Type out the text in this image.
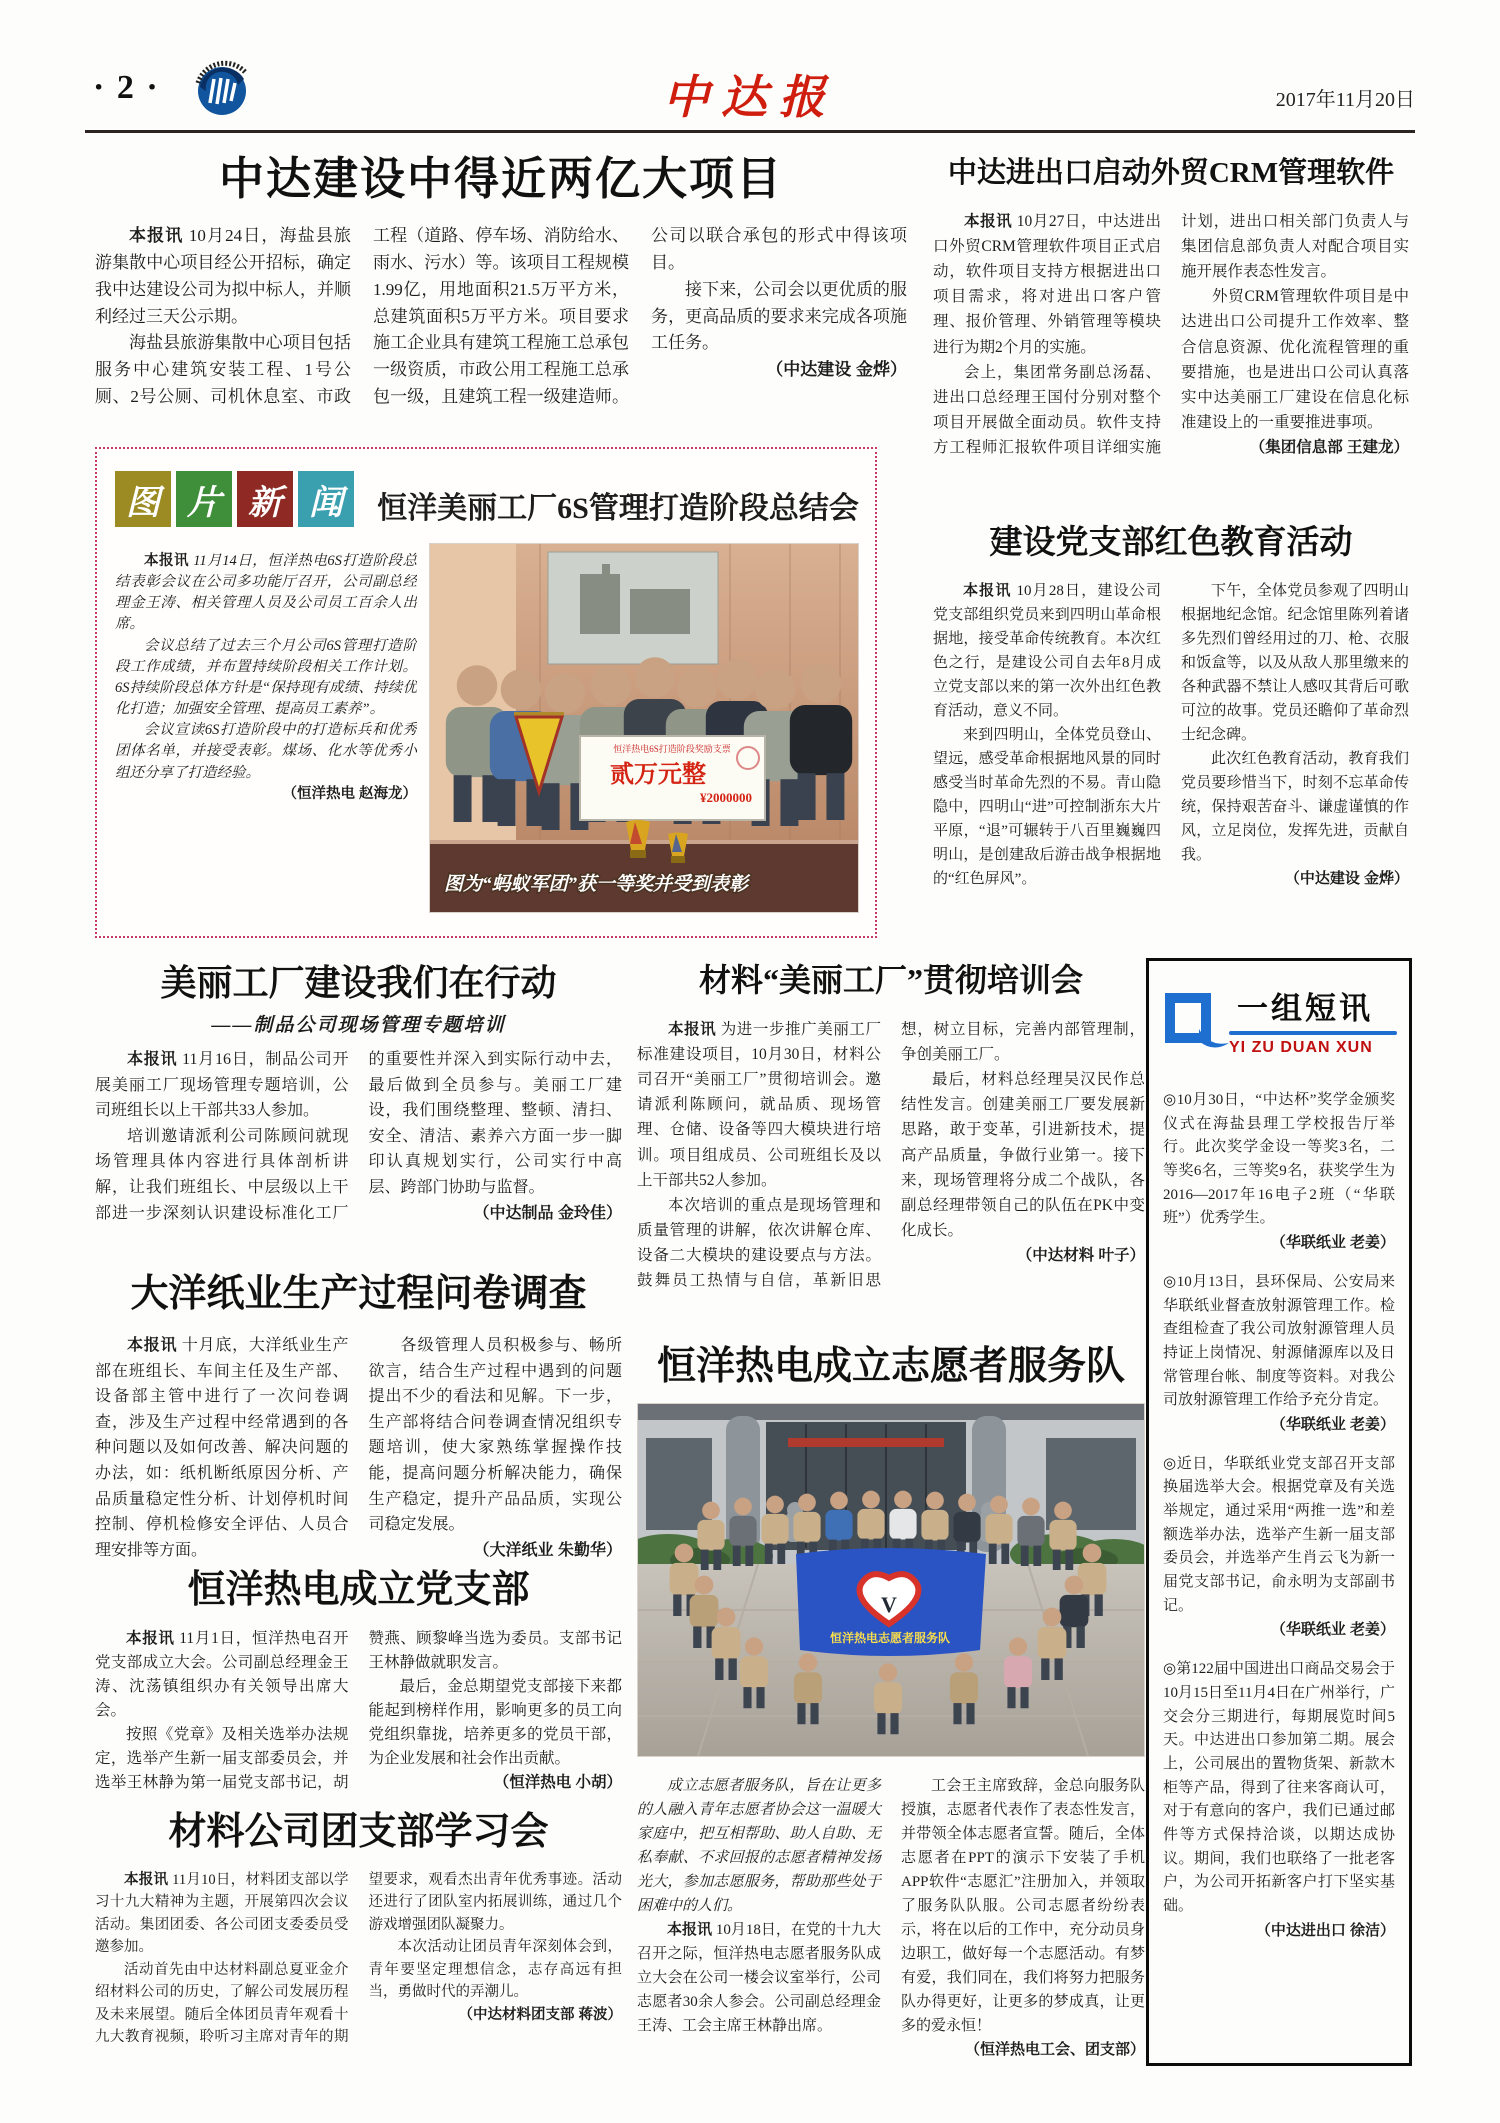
· 2 ·	中达报	2017年11月20日
中达建设中得近两亿大项目

本报讯 10月24日，海盐县旅游集散中心项目经公开招标，确定我中达建设公司为拟中标人，并顺利经过三天公示期。

海盐县旅游集散中心项目包括服务中心建筑安装工程、1号公厕、2号公厕、司机休息室、市政工程（道路、停车场、消防给水、雨水、污水）等。该项目工程规模1.99亿，用地面积21.5万平方米，总建筑面积5万平方米。项目要求施工企业具有建筑工程施工总承包一级资质，市政公用工程施工总承包一级，且建筑工程一级建造师。公司以联合承包的形式中得该项目。

接下来，公司会以更优质的服务，更高品质的要求来完成各项施工任务。

（中达建设 金烨）

中达进出口启动外贸CRM管理软件

本报讯 10月27日，中达进出口外贸CRM管理软件项目正式启动，软件项目支持方根据进出口项目需求，将对进出口客户管理、报价管理、外销管理等模块进行为期2个月的实施。

会上，集团常务副总汤磊、进出口总经理王国付分别对整个项目开展做全面动员。软件支持方工程师汇报软件项目详细实施计划，进出口相关部门负责人与集团信息部负责人对配合项目实施开展作表态性发言。

外贸CRM管理软件项目是中达进出口公司提升工作效率、整合信息资源、优化流程管理的重要措施，也是进出口公司认真落实中达美丽工厂建设在信息化标准建设上的一重要推进事项。

（集团信息部 王建龙）

图 片 新 闻	恒洋美丽工厂6S管理打造阶段总结会

本报讯 11月14日，恒洋热电6S打造阶段总结表彰会议在公司多功能厅召开，公司副总经理金王涛、相关管理人员及公司员工百余人出席。

会议总结了过去三个月公司6S管理打造阶段工作成绩，并布置持续阶段相关工作计划。6S持续阶段总体方针是“保持现有成绩、持续优化打造；加强安全管理、提高员工素养”。

会议宣读6S打造阶段中的打造标兵和优秀团体名单，并接受表彰。煤场、化水等优秀小组还分享了打造经验。

（恒洋热电 赵海龙）

恒洋热电6S打造阶段奖励支票
贰万元整
¥2000000
图为“蚂蚁军团”获一等奖并受到表彰
建设党支部红色教育活动

本报讯 10月28日，建设公司党支部组织党员来到四明山革命根据地，接受革命传统教育。本次红色之行，是建设公司自去年8月成立党支部以来的第一次外出红色教育活动，意义不同。

来到四明山，全体党员登山、望远，感受革命根据地风景的同时感受当时革命先烈的不易。青山隐隐中，四明山“进”可控制浙东大片平原，“退”可辗转于八百里巍巍四明山，是创建敌后游击战争根据地的“红色屏风”。

下午，全体党员参观了四明山根据地纪念馆。纪念馆里陈列着诸多先烈们曾经用过的刀、枪、衣服和饭盒等，以及从敌人那里缴来的各种武器不禁让人感叹其背后可歌可泣的故事。党员还瞻仰了革命烈士纪念碑。

此次红色教育活动，教育我们党员要珍惜当下，时刻不忘革命传统，保持艰苦奋斗、谦虚谨慎的作风，立足岗位，发挥先进，贡献自我。

（中达建设 金烨）

美丽工厂建设我们在行动
——制品公司现场管理专题培训

本报讯 11月16日，制品公司开展美丽工厂现场管理专题培训，公司班组长以上干部共33人参加。

培训邀请派利公司陈顾问就现场管理具体内容进行具体剖析讲解，让我们班组长、中层级以上干部进一步深刻认识建设标准化工厂的重要性并深入到实际行动中去，最后做到全员参与。美丽工厂建设，我们围绕整理、整顿、清扫、安全、清洁、素养六方面一步一脚印认真规划实行，公司实行中高层、跨部门协助与监督。

（中达制品 金玲佳）

大洋纸业生产过程问卷调查

本报讯 十月底，大洋纸业生产部在班组长、车间主任及生产部、设备部主管中进行了一次问卷调查，涉及生产过程中经常遇到的各种问题以及如何改善、解决问题的办法，如：纸机断纸原因分析、产品质量稳定性分析、计划停机时间控制、停机检修安全评估、人员合理安排等方面。

各级管理人员积极参与、畅所欲言，结合生产过程中遇到的问题提出不少的看法和见解。下一步，生产部将结合问卷调查情况组织专题培训，使大家熟练掌握操作技能，提高问题分析解决能力，确保生产稳定，提升产品品质，实现公司稳定发展。

（大洋纸业 朱勤华）

恒洋热电成立党支部

本报讯 11月1日，恒洋热电召开党支部成立大会。公司副总经理金王涛、沈荡镇组织办有关领导出席大会。

按照《党章》及相关选举办法规定，选举产生新一届支部委员会，并选举王林静为第一届党支部书记，胡赞燕、顾黎峰当选为委员。支部书记王林静做就职发言。

最后，金总期望党支部接下来都能起到榜样作用，影响更多的员工向党组织靠拢，培养更多的党员干部，为企业发展和社会作出贡献。

（恒洋热电 小胡）

材料公司团支部学习会

本报讯 11月10日，材料团支部以学习十九大精神为主题，开展第四次会议活动。集团团委、各公司团支委委员受邀参加。

活动首先由中达材料副总夏亚金介绍材料公司的历史，了解公司发展历程及未来展望。随后全体团员青年观看十九大教育视频，聆听习主席对青年的期望要求，观看杰出青年优秀事迹。活动还进行了团队室内拓展训练，通过几个游戏增强团队凝聚力。

本次活动让团员青年深刻体会到，青年要坚定理想信念，志存高远有担当，勇做时代的弄潮儿。

（中达材料团支部 蒋波）

材料“美丽工厂”贯彻培训会

本报讯 为进一步推广美丽工厂标准建设项目，10月30日，材料公司召开“美丽工厂”贯彻培训会。邀请派利陈顾问，就品质、现场管理、仓储、设备等四大模块进行培训。项目组成员、公司班组长及以上干部共52人参加。

本次培训的重点是现场管理和质量管理的讲解，依次讲解仓库、设备二大模块的建设要点与方法。鼓舞员工热情与自信，革新旧思想，树立目标，完善内部管理制，争创美丽工厂。

最后，材料总经理吴汉民作总结性发言。创建美丽工厂要发展新思路，敢于变革，引进新技术，提高产品质量，争做行业第一。接下来，现场管理将分成二个战队，各副总经理带领自己的队伍在PK中变化成长。

（中达材料 叶子）

恒洋热电成立志愿者服务队
V
恒洋热电志愿者服务队

成立志愿者服务队，旨在让更多的人融入青年志愿者协会这一温暖大家庭中，把互相帮助、助人自助、无私奉献、不求回报的志愿者精神发扬光大，参加志愿服务，帮助那些处于困难中的人们。

本报讯 10月18日，在党的十九大召开之际，恒洋热电志愿者服务队成立大会在公司一楼会议室举行，公司志愿者30余人参会。公司副总经理金王涛、工会主席王林静出席。

工会王主席致辞，金总向服务队授旗，志愿者代表作了表态性发言，并带领全体志愿者宣誓。随后，全体志愿者在PPT的演示下安装了手机APP软件“志愿汇”注册加入，并领取了服务队队服。公司志愿者纷纷表示，将在以后的工作中，充分动员身边职工，做好每一个志愿活动。有梦有爱，我们同在，我们将努力把服务队办得更好，让更多的梦成真，让更多的爱永恒！

（恒洋热电工会、团支部）

一组短讯
YI ZU DUAN XUN

◎10月30日，“中达杯”奖学金颁奖仪式在海盐县理工学校报告厅举行。此次奖学金设一等奖3名，二等奖6名，三等奖9名，获奖学生为2016—2017年16电子2班（“华联班”）优秀学生。

（华联纸业 老姜）

◎10月13日，县环保局、公安局来华联纸业督查放射源管理工作。检查组检查了我公司放射源管理人员持证上岗情况、射源储源库以及日常管理台帐、制度等资料。对我公司放射源管理工作给予充分肯定。

（华联纸业 老姜）

◎近日，华联纸业党支部召开支部换届选举大会。根据党章及有关选举规定，通过采用“两推一选”和差额选举办法，选举产生新一届支部委员会，并选举产生肖云飞为新一届党支部书记，俞永明为支部副书记。

（华联纸业 老姜）

◎第122届中国进出口商品交易会于10月15日至11月4日在广州举行，广交会分三期进行，每期展览时间5天。中达进出口参加第二期。展会上，公司展出的置物货架、新款木柜等产品，得到了往来客商认可，对于有意向的客户，我们已通过邮件等方式保持洽谈，以期达成协议。期间，我们也联络了一批老客户，为公司开拓新客户打下坚实基础。

（中达进出口 徐洁）
